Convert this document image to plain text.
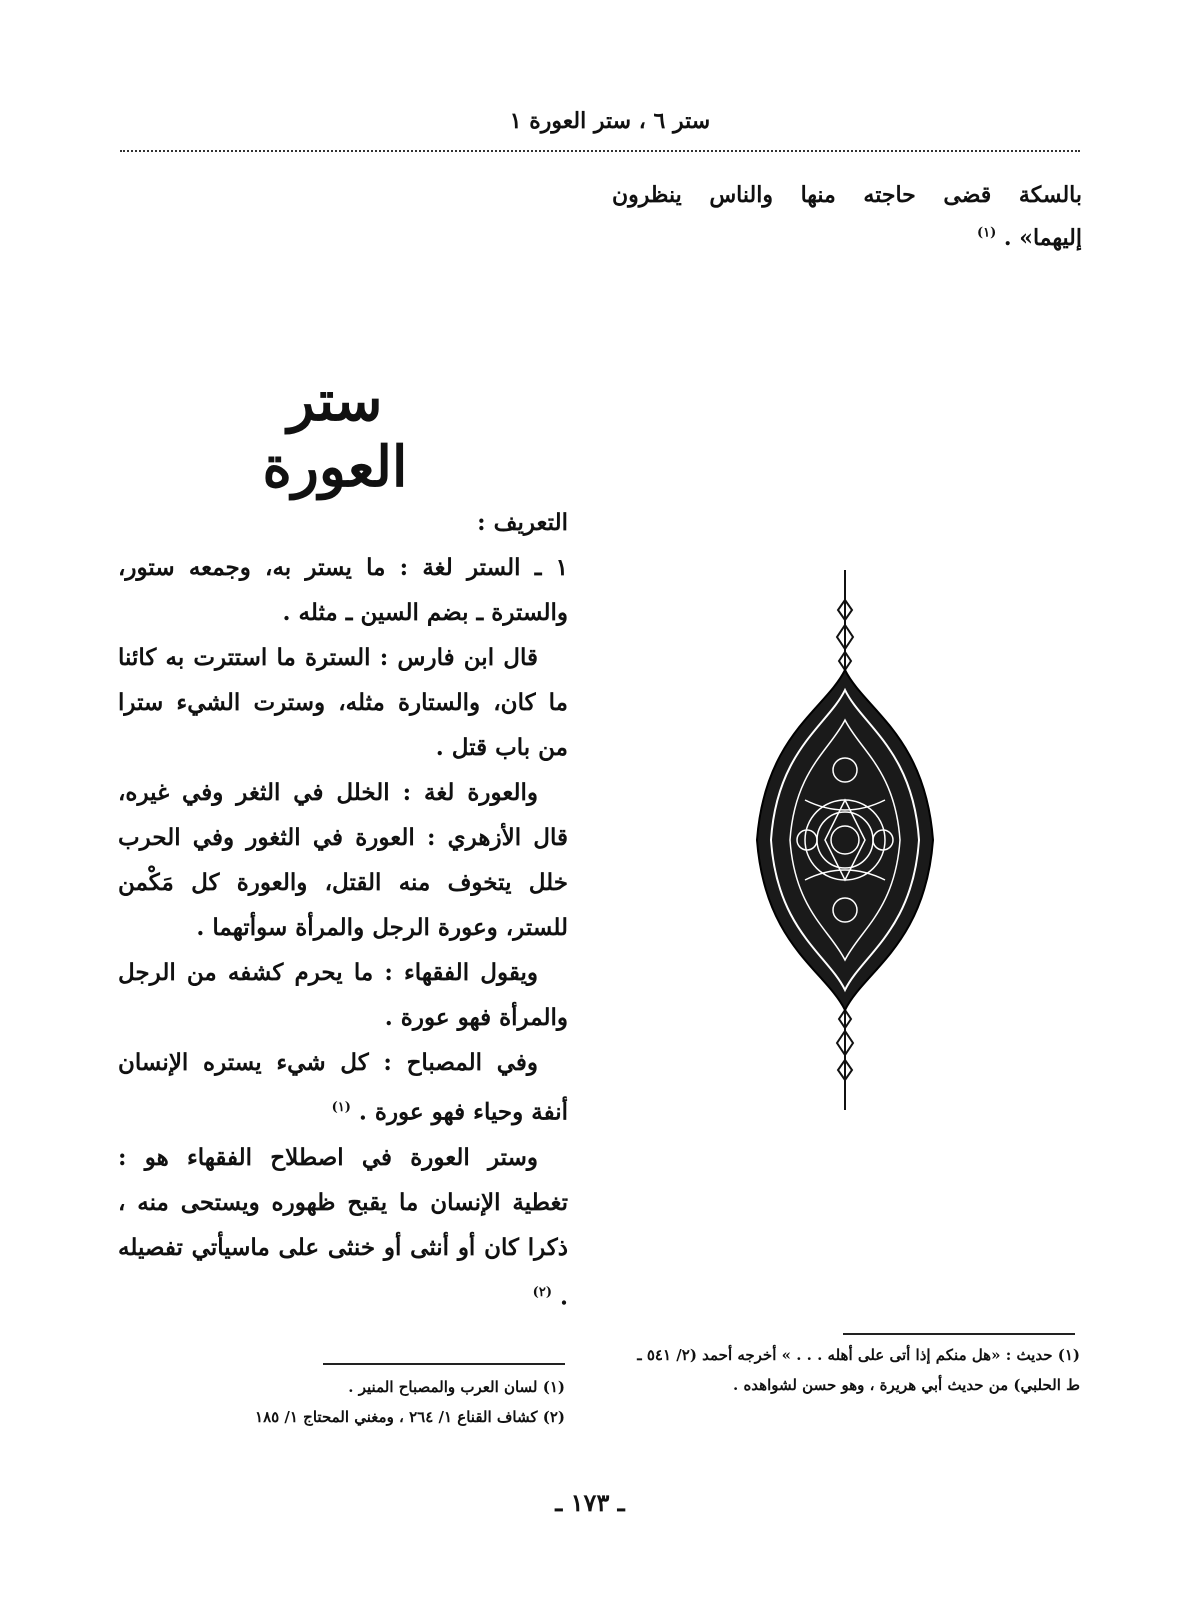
ستر ٦ ، ستر العورة ١
بالسكة قضى حاجته منها والناس ينظرون
إليهما» . $^{(١)}$
ستر العورة

التعريف :

١ ـ الستر لغة : ما يستر به، وجمعه ستور، والسترة ـ بضم السين ـ مثله .

قال ابن فارس : السترة ما استترت به كائنا ما كان، والستارة مثله، وسترت الشيء سترا من باب قتل .

والعورة لغة : الخلل في الثغر وفي غيره، قال الأزهري : العورة في الثغور وفي الحرب خلل يتخوف منه القتل، والعورة كل مَكْمن للستر، وعورة الرجل والمرأة سوأتهما .

ويقول الفقهاء : ما يحرم كشفه من الرجل والمرأة فهو عورة .

وفي المصباح : كل شيء يستره الإنسان أنفة وحياء فهو عورة . $^{(١)}$

وستر العورة في اصطلاح الفقهاء هو : تغطية الإنسان ما يقبح ظهوره ويستحى منه ، ذكرا كان أو أنثى أو خنثى على ماسيأتي تفصيله . $^{(٢)}$

(١) لسان العرب والمصباح المنير .

(٢) كشاف القناع ١/ ٢٦٤ ، ومغني المحتاج ١/ ١٨٥

(١) حديث : «هل منكم إذا أتى على أهله . . . » أخرجه أحمد (٢/ ٥٤١ ـ ط الحلبي) من حديث أبي هريرة ، وهو حسن لشواهده .

ـ ١٧٣ ـ
